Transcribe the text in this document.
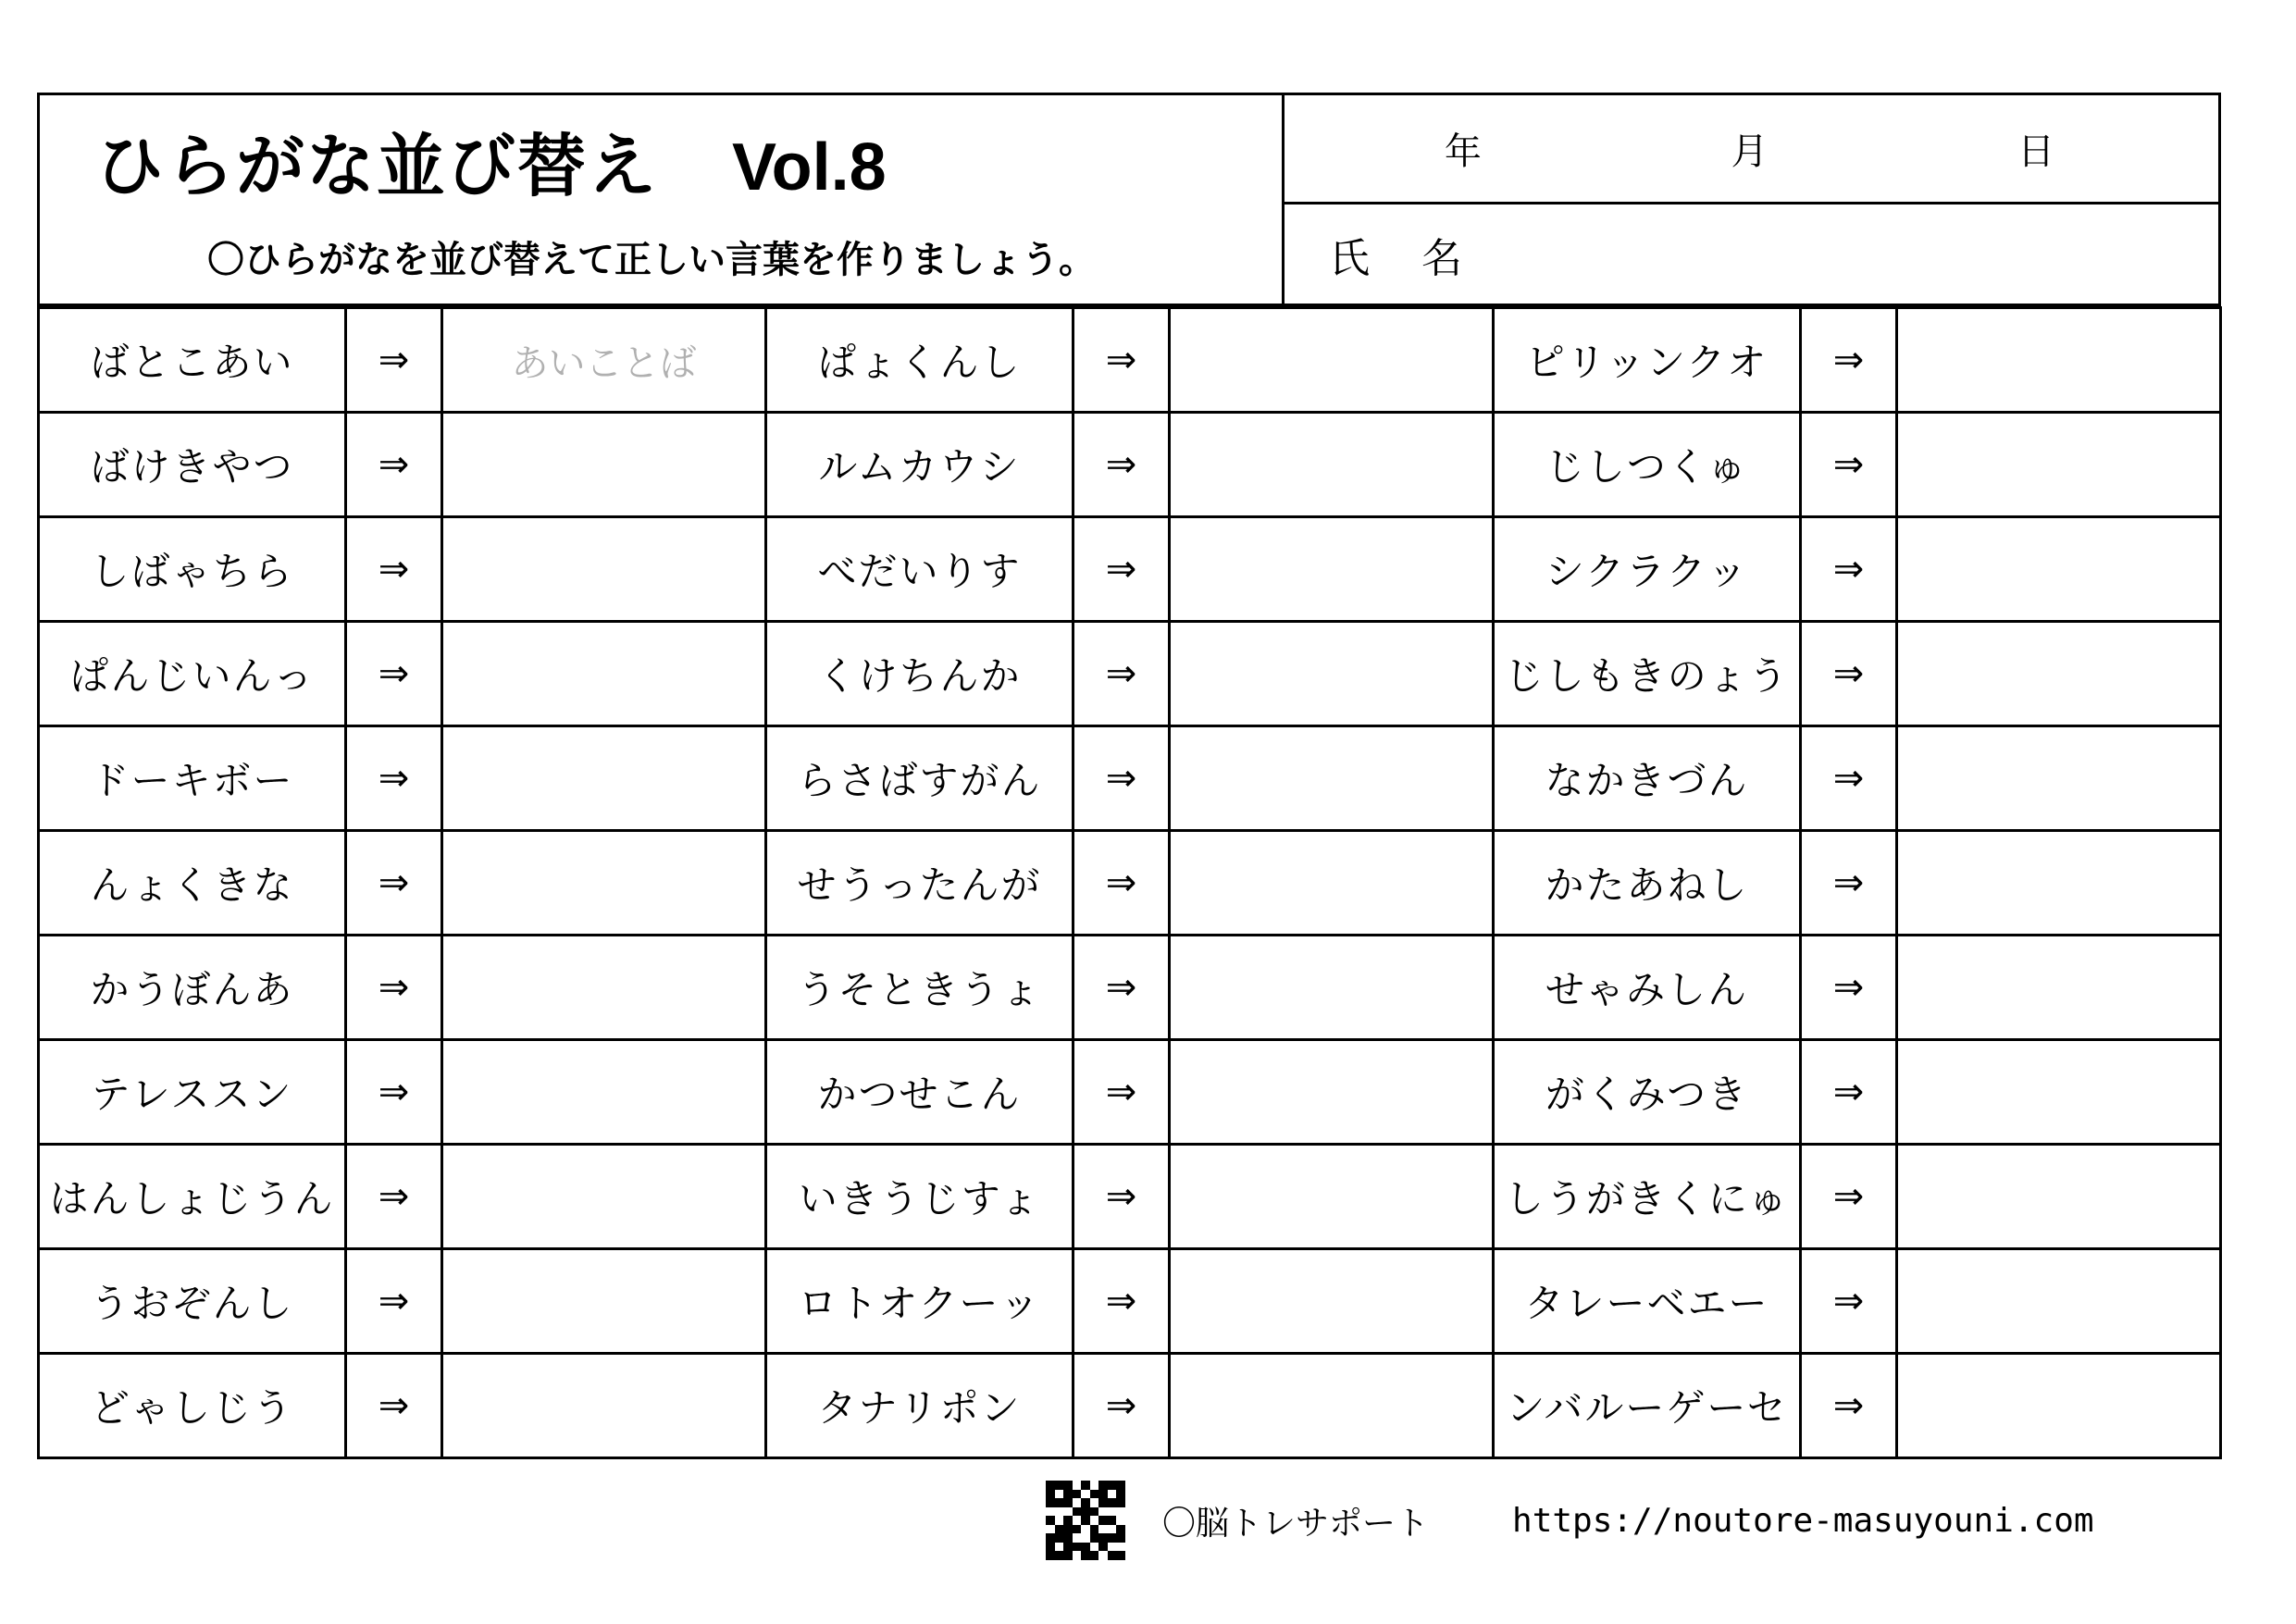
ひらがな並び替え Vol.8
〇ひらがなを並び替えて正しい言葉を作りましょう。
年	月	日
氏　名
ばとこあい	⇒	あいことば	ぱょくんし	⇒		ピリッンクオ	⇒	
ばけきやつ	⇒		ルムカウシ	⇒		じしつくゅ	⇒	
しばゃちら	⇒		べだいりす	⇒		シクラクッ	⇒	
ぱんじいんっ	⇒		くけちんか	⇒		じしもきのょう	⇒	
ドーキボー	⇒		らさばすがん	⇒		なかきづん	⇒	
んょくきな	⇒		せうったんが	⇒		かたあねし	⇒	
かうぼんあ	⇒		うそときうょ	⇒		せゃみしん	⇒	
テレススン	⇒		かつせこん	⇒		がくみつき	⇒	
はんしょじうん	⇒		いきうじすょ	⇒		しうがきくにゅ	⇒	
うおぞんし	⇒		ロトオクーッ	⇒		タレーベエー	⇒	
どゃしじう	⇒		タナリポン	⇒		ンバルーゲーセ	⇒	
〇脳トレサポート	https://noutore-masuyouni.com
